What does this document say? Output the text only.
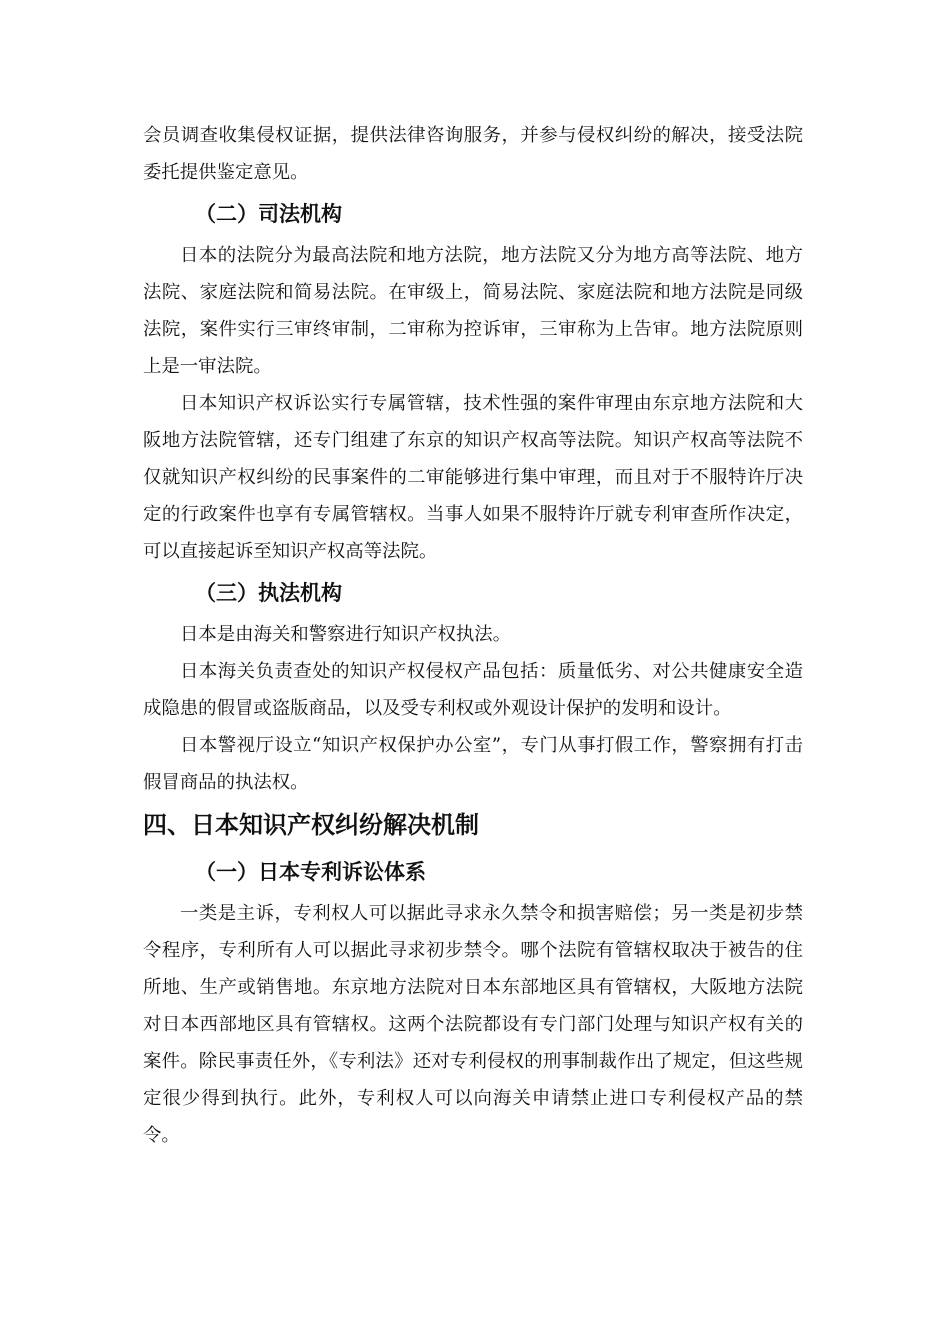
会员调查收集侵权证据，提供法律咨询服务，并参与侵权纠纷的解决，接受法院委托提供鉴定意见。

（二）司法机构

日本的法院分为最高法院和地方法院，地方法院又分为地方高等法院、地方法院、家庭法院和简易法院。在审级上，简易法院、家庭法院和地方法院是同级法院，案件实行三审终审制，二审称为控诉审，三审称为上告审。地方法院原则上是一审法院。

日本知识产权诉讼实行专属管辖，技术性强的案件审理由东京地方法院和大阪地方法院管辖，还专门组建了东京的知识产权高等法院。知识产权高等法院不仅就知识产权纠纷的民事案件的二审能够进行集中审理，而且对于不服特许厅决定的行政案件也享有专属管辖权。当事人如果不服特许厅就专利审查所作决定，可以直接起诉至知识产权高等法院。

（三）执法机构

日本是由海关和警察进行知识产权执法。

日本海关负责查处的知识产权侵权产品包括：质量低劣、对公共健康安全造成隐患的假冒或盗版商品，以及受专利权或外观设计保护的发明和设计。

日本警视厅设立“知识产权保护办公室”，专门从事打假工作，警察拥有打击假冒商品的执法权。

四、日本知识产权纠纷解决机制
（一）日本专利诉讼体系

一类是主诉，专利权人可以据此寻求永久禁令和损害赔偿；另一类是初步禁令程序，专利所有人可以据此寻求初步禁令。哪个法院有管辖权取决于被告的住所地、生产或销售地。东京地方法院对日本东部地区具有管辖权，大阪地方法院对日本西部地区具有管辖权。这两个法院都设有专门部门处理与知识产权有关的案件。除民事责任外，《专利法》还对专利侵权的刑事制裁作出了规定，但这些规定很少得到执行。此外，专利权人可以向海关申请禁止进口专利侵权产品的禁令。
